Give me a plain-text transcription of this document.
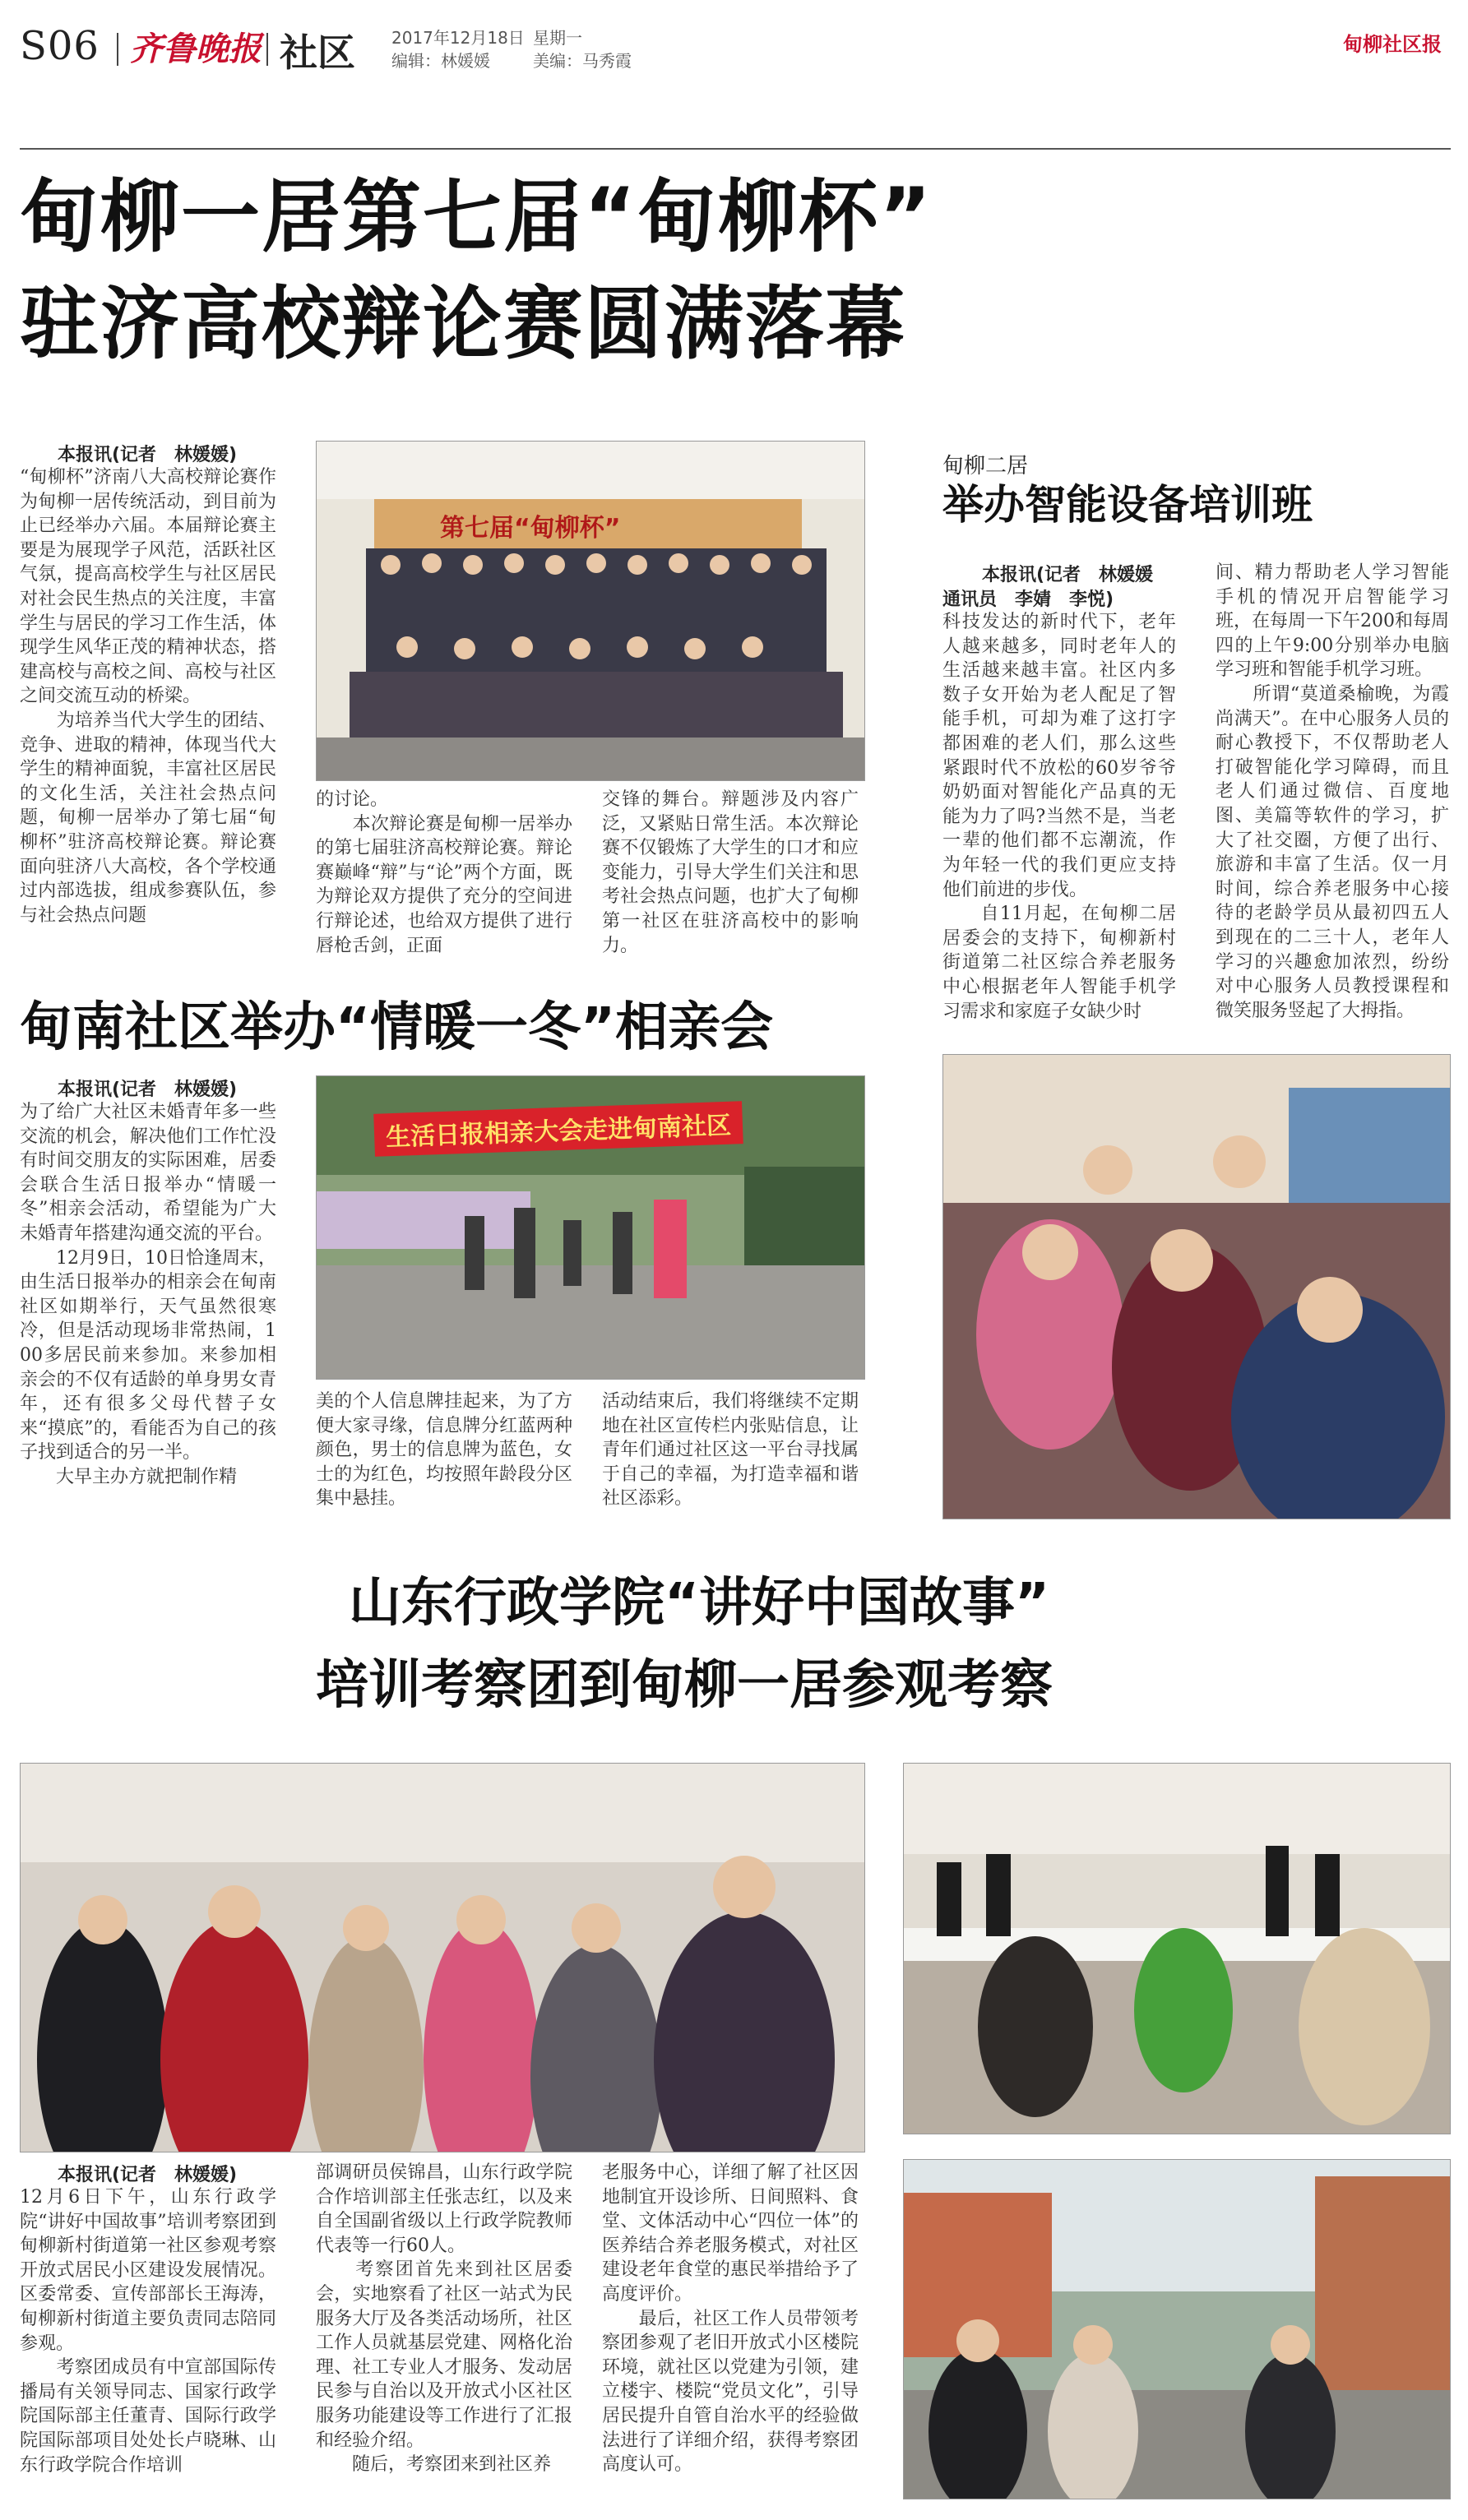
S06 齐鲁晚报 社区 2017年12月18日 星期一
编辑：林媛媛	美编：马秀霞
甸柳社区报
甸柳一居第七届“甸柳杯”
驻济高校辩论赛圆满落幕
本报讯(记者　林媛媛)
“甸柳杯”济南八大高校辩论赛作为甸柳一居传统活动，到目前为止已经举办六届。本届辩论赛主要是为展现学子风范，活跃社区气氛，提高高校学生与社区居民对社会民生热点的关注度，丰富学生与居民的学习工作生活，体现学生风华正茂的精神状态，搭建高校与高校之间、高校与社区之间交流互动的桥梁。
　　为培养当代大学生的团结、竞争、进取的精神，体现当代大学生的精神面貌，丰富社区居民的文化生活，关注社会热点问题，甸柳一居举办了第七届“甸柳杯”驻济高校辩论赛。辩论赛面向驻济八大高校，各个学校通过内部选拔，组成参赛队伍，参与社会热点问题
第七届“甸柳杯”
的讨论。
　　本次辩论赛是甸柳一居举办的第七届驻济高校辩论赛。辩论赛巅峰“辩”与“论”两个方面，既为辩论双方提供了充分的空间进行辩论述，也给双方提供了进行唇枪舌剑，正面
交锋的舞台。辩题涉及内容广泛，又紧贴日常生活。本次辩论赛不仅锻炼了大学生的口才和应变能力，引导大学生们关注和思考社会热点问题，也扩大了甸柳第一社区在驻济高校中的影响力。
甸柳二居
举办智能设备培训班
本报讯(记者　林媛媛
通讯员　李婧　李悦)
科技发达的新时代下，老年人越来越多，同时老年人的生活越来越丰富。社区内多数子女开始为老人配足了智能手机，可却为难了这打字都困难的老人们，那么这些紧跟时代不放松的60岁爷爷奶奶面对智能化产品真的无能为力了吗?当然不是，当老一辈的他们都不忘潮流，作为年轻一代的我们更应支持他们前进的步伐。
　　自11月起，在甸柳二居居委会的支持下，甸柳新村街道第二社区综合养老服务中心根据老年人智能手机学习需求和家庭子女缺少时
间、精力帮助老人学习智能手机的情况开启智能学习班，在每周一下午200和每周四的上午9:00分别举办电脑学习班和智能手机学习班。
　　所谓“莫道桑榆晚，为霞尚满天”。在中心服务人员的耐心教授下，不仅帮助老人打破智能化学习障碍，而且老人们通过微信、百度地图、美篇等软件的学习，扩大了社交圈，方便了出行、旅游和丰富了生活。仅一月时间，综合养老服务中心接待的老龄学员从最初四五人到现在的二三十人，老年人学习的兴趣愈加浓烈，纷纷对中心服务人员教授课程和微笑服务竖起了大拇指。
甸南社区举办“情暖一冬”相亲会
本报讯(记者　林媛媛)
为了给广大社区未婚青年多一些交流的机会，解决他们工作忙没有时间交朋友的实际困难，居委会联合生活日报举办“情暖一冬”相亲会活动，希望能为广大未婚青年搭建沟通交流的平台。
　　12月9日，10日恰逢周末，由生活日报举办的相亲会在甸南社区如期举行，天气虽然很寒冷，但是活动现场非常热闹，100多居民前来参加。来参加相亲会的不仅有适龄的单身男女青年，还有很多父母代替子女来“摸底”的，看能否为自己的孩子找到适合的另一半。
　　大早主办方就把制作精
生活日报相亲大会走进甸南社区
美的个人信息牌挂起来，为了方便大家寻缘，信息牌分红蓝两种颜色，男士的信息牌为蓝色，女士的为红色，均按照年龄段分区集中悬挂。
活动结束后，我们将继续不定期地在社区宣传栏内张贴信息，让青年们通过社区这一平台寻找属于自己的幸福，为打造幸福和谐社区添彩。
山东行政学院“讲好中国故事”
培训考察团到甸柳一居参观考察
本报讯(记者　林媛媛)
12月6日下午，山东行政学院“讲好中国故事”培训考察团到甸柳新村街道第一社区参观考察开放式居民小区建设发展情况。区委常委、宣传部部长王海涛，甸柳新村街道主要负责同志陪同参观。
　　考察团成员有中宣部国际传播局有关领导同志、国家行政学院国际部主任董青、国际行政学院国际部项目处处长卢晓琳、山东行政学院合作培训
部调研员侯锦昌，山东行政学院合作培训部主任张志红，以及来自全国副省级以上行政学院教师代表等一行60人。
　　考察团首先来到社区居委会，实地察看了社区一站式为民服务大厅及各类活动场所，社区工作人员就基层党建、网格化治理、社工专业人才服务、发动居民参与自治以及开放式小区社区服务功能建设等工作进行了汇报和经验介绍。
　　随后，考察团来到社区养
老服务中心，详细了解了社区因地制宜开设诊所、日间照料、食堂、文体活动中心“四位一体”的医养结合养老服务模式，对社区建设老年食堂的惠民举措给予了高度评价。
　　最后，社区工作人员带领考察团参观了老旧开放式小区楼院环境，就社区以党建为引领，建立楼宇、楼院“党员文化”，引导居民提升自管自治水平的经验做法进行了详细介绍，获得考察团高度认可。
